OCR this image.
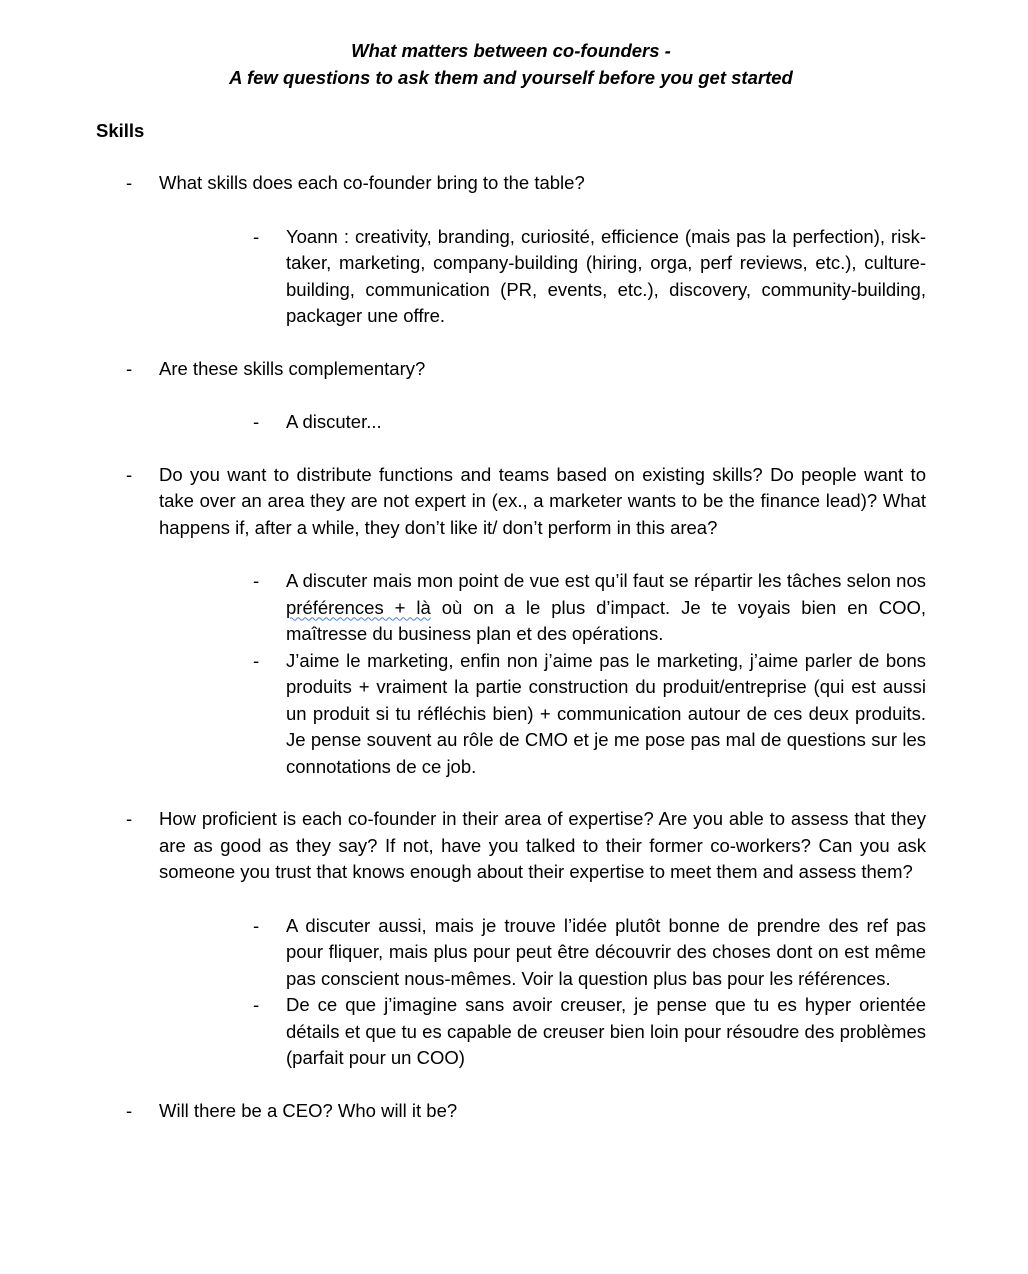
What matters between co-founders -
A few questions to ask them and yourself before you get started
Skills
- What skills does each co-founder bring to the table?
- Yoann : creativity, branding, curiosité, efficience (mais pas la perfection), risk-taker, marketing, company-building (hiring, orga, perf reviews, etc.), culture-building, communication (PR, events, etc.), discovery, community-building, packager une offre.
- Are these skills complementary?
- A discuter...
- Do you want to distribute functions and teams based on existing skills? Do people want to take over an area they are not expert in (ex., a marketer wants to be the finance lead)? What happens if, after a while, they don’t like it/ don’t perform in this area?
- A discuter mais mon point de vue est qu’il faut se répartir les tâches selon nos préférences + là où on a le plus d’impact. Je te voyais bien en COO, maîtresse du business plan et des opérations.
- J’aime le marketing, enfin non j’aime pas le marketing, j’aime parler de bons produits + vraiment la partie construction du produit/entreprise (qui est aussi un produit si tu réfléchis bien) + communication autour de ces deux produits. Je pense souvent au rôle de CMO et je me pose pas mal de questions sur les connotations de ce job.
- How proficient is each co-founder in their area of expertise? Are you able to assess that they are as good as they say? If not, have you talked to their former co-workers? Can you ask someone you trust that knows enough about their expertise to meet them and assess them?
- A discuter aussi, mais je trouve l’idée plutôt bonne de prendre des ref pas pour fliquer, mais plus pour peut être découvrir des choses dont on est même pas conscient nous-mêmes. Voir la question plus bas pour les références.
- De ce que j’imagine sans avoir creuser, je pense que tu es hyper orientée détails et que tu es capable de creuser bien loin pour résoudre des problèmes (parfait pour un COO)
- Will there be a CEO? Who will it be?
